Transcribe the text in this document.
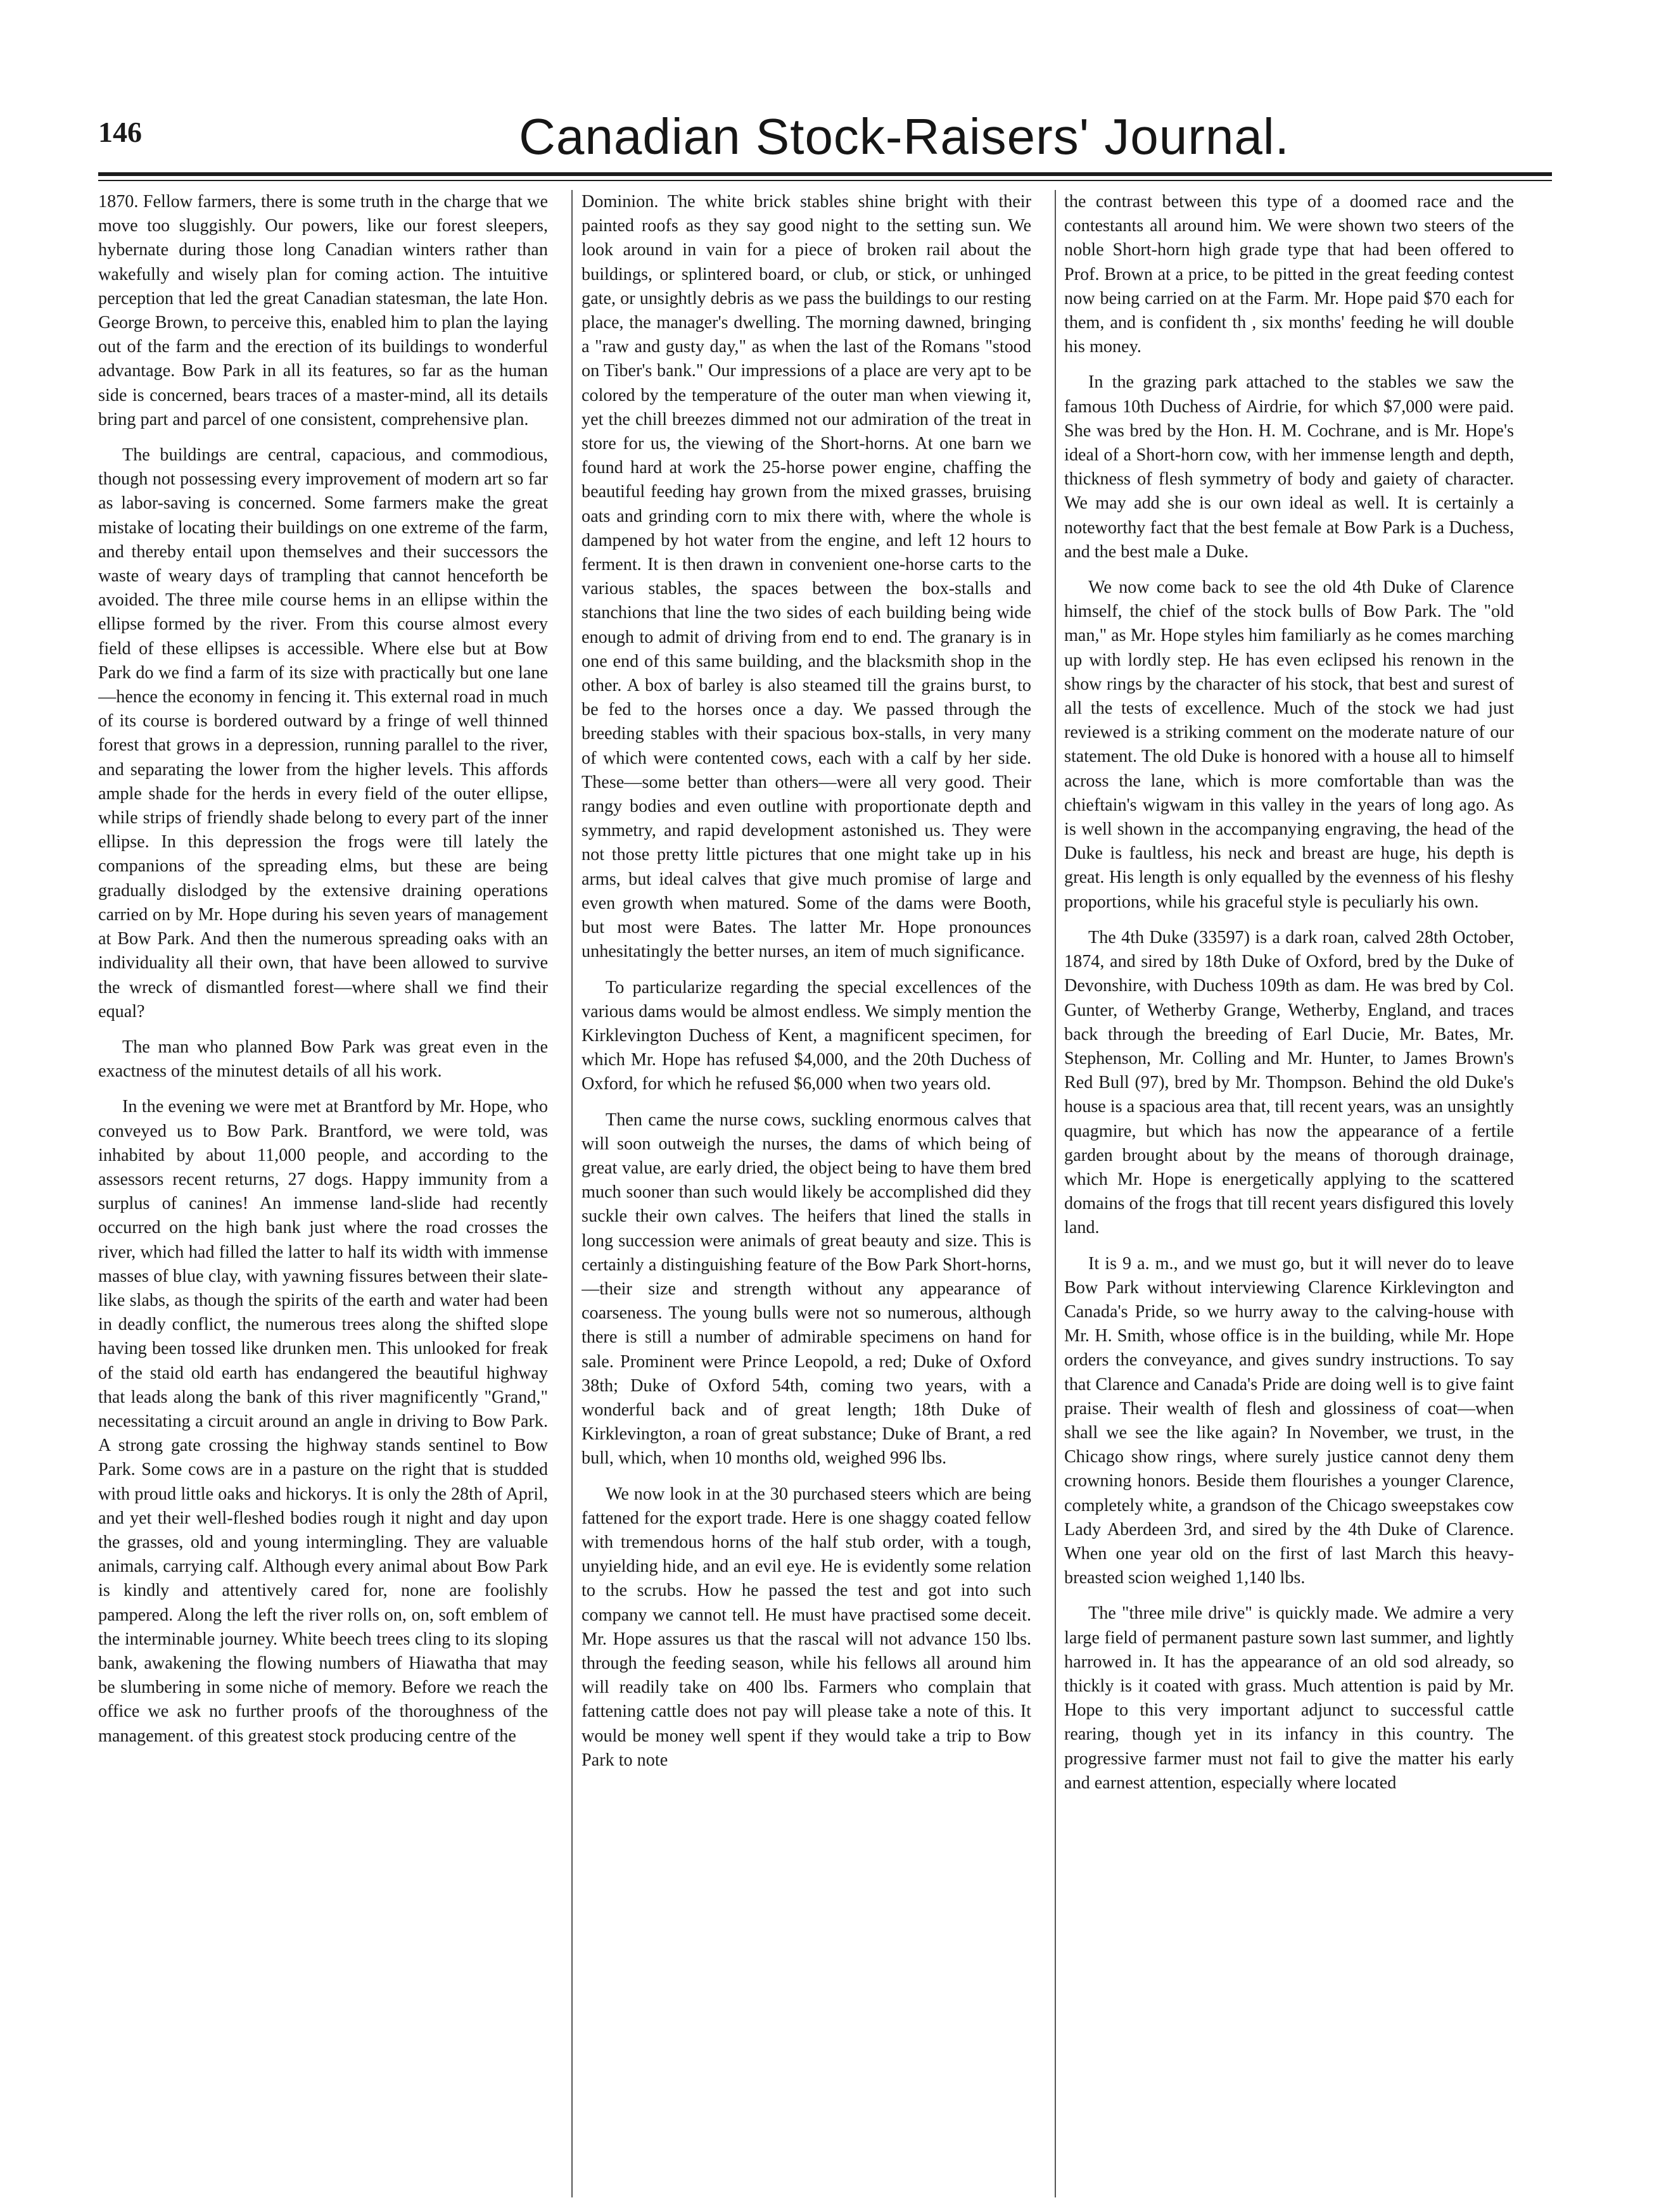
146	Canadian Stock-Raisers' Journal.

1870. Fellow farmers, there is some truth in the charge that we move too sluggishly. Our powers, like our forest sleepers, hybernate during those long Canadian winters rather than wakefully and wisely plan for coming action. The intuitive perception that led the great Canadian statesman, the late Hon. George Brown, to perceive this, enabled him to plan the laying out of the farm and the erection of its buildings to wonderful advantage. Bow Park in all its features, so far as the human side is concerned, bears traces of a master-mind, all its details bring part and parcel of one consistent, comprehensive plan.

The buildings are central, capacious, and commodious, though not possessing every improvement of modern art so far as labor-saving is concerned. Some farmers make the great mistake of locating their buildings on one extreme of the farm, and thereby entail upon themselves and their successors the waste of weary days of trampling that cannot henceforth be avoided. The three mile course hems in an ellipse within the ellipse formed by the river. From this course almost every field of these ellipses is accessible. Where else but at Bow Park do we find a farm of its size with practically but one lane—hence the economy in fencing it. This external road in much of its course is bordered outward by a fringe of well thinned forest that grows in a depression, running parallel to the river, and separating the lower from the higher levels. This affords ample shade for the herds in every field of the outer ellipse, while strips of friendly shade belong to every part of the inner ellipse. In this depression the frogs were till lately the companions of the spreading elms, but these are being gradually dislodged by the extensive draining operations carried on by Mr. Hope during his seven years of management at Bow Park. And then the numerous spreading oaks with an individuality all their own, that have been allowed to survive the wreck of dismantled forest—where shall we find their equal?

The man who planned Bow Park was great even in the exactness of the minutest details of all his work.

In the evening we were met at Brantford by Mr. Hope, who conveyed us to Bow Park. Brantford, we were told, was inhabited by about 11,000 people, and according to the assessors recent returns, 27 dogs. Happy immunity from a surplus of canines! An immense land-slide had recently occurred on the high bank just where the road crosses the river, which had filled the latter to half its width with immense masses of blue clay, with yawning fissures between their slate-like slabs, as though the spirits of the earth and water had been in deadly conflict, the numerous trees along the shifted slope having been tossed like drunken men. This unlooked for freak of the staid old earth has endangered the beautiful highway that leads along the bank of this river magnificently "Grand," necessitating a circuit around an angle in driving to Bow Park. A strong gate crossing the highway stands sentinel to Bow Park. Some cows are in a pasture on the right that is studded with proud little oaks and hickorys. It is only the 28th of April, and yet their well-fleshed bodies rough it night and day upon the grasses, old and young intermingling. They are valuable animals, carrying calf. Although every animal about Bow Park is kindly and attentively cared for, none are foolishly pampered. Along the left the river rolls on, on, soft emblem of the interminable journey. White beech trees cling to its sloping bank, awakening the flowing numbers of Hiawatha that may be slumbering in some niche of memory. Before we reach the office we ask no further proofs of the thoroughness of the management. of this greatest stock producing centre of the

Dominion. The white brick stables shine bright with their painted roofs as they say good night to the setting sun. We look around in vain for a piece of broken rail about the buildings, or splintered board, or club, or stick, or unhinged gate, or unsightly debris as we pass the buildings to our resting place, the manager's dwelling. The morning dawned, bringing a "raw and gusty day," as when the last of the Romans "stood on Tiber's bank." Our impressions of a place are very apt to be colored by the temperature of the outer man when viewing it, yet the chill breezes dimmed not our admiration of the treat in store for us, the viewing of the Short-horns. At one barn we found hard at work the 25-horse power engine, chaffing the beautiful feeding hay grown from the mixed grasses, bruising oats and grinding corn to mix there with, where the whole is dampened by hot water from the engine, and left 12 hours to ferment. It is then drawn in convenient one-horse carts to the various stables, the spaces between the box-stalls and stanchions that line the two sides of each building being wide enough to admit of driving from end to end. The granary is in one end of this same building, and the blacksmith shop in the other. A box of barley is also steamed till the grains burst, to be fed to the horses once a day. We passed through the breeding stables with their spacious box-stalls, in very many of which were contented cows, each with a calf by her side. These—some better than others—were all very good. Their rangy bodies and even outline with proportionate depth and symmetry, and rapid development astonished us. They were not those pretty little pictures that one might take up in his arms, but ideal calves that give much promise of large and even growth when matured. Some of the dams were Booth, but most were Bates. The latter Mr. Hope pronounces unhesitatingly the better nurses, an item of much significance.

To particularize regarding the special excellences of the various dams would be almost endless. We simply mention the Kirklevington Duchess of Kent, a magnificent specimen, for which Mr. Hope has refused $4,000, and the 20th Duchess of Oxford, for which he refused $6,000 when two years old.

Then came the nurse cows, suckling enormous calves that will soon outweigh the nurses, the dams of which being of great value, are early dried, the object being to have them bred much sooner than such would likely be accomplished did they suckle their own calves. The heifers that lined the stalls in long succession were animals of great beauty and size. This is certainly a distinguishing feature of the Bow Park Short-horns, —their size and strength without any appearance of coarseness. The young bulls were not so numerous, although there is still a number of admirable specimens on hand for sale. Prominent were Prince Leopold, a red; Duke of Oxford 38th; Duke of Oxford 54th, coming two years, with a wonderful back and of great length; 18th Duke of Kirklevington, a roan of great substance; Duke of Brant, a red bull, which, when 10 months old, weighed 996 lbs.

We now look in at the 30 purchased steers which are being fattened for the export trade. Here is one shaggy coated fellow with tremendous horns of the half stub order, with a tough, unyielding hide, and an evil eye. He is evidently some relation to the scrubs. How he passed the test and got into such company we cannot tell. He must have practised some deceit. Mr. Hope assures us that the rascal will not advance 150 lbs. through the feeding season, while his fellows all around him will readily take on 400 lbs. Farmers who complain that fattening cattle does not pay will please take a note of this. It would be money well spent if they would take a trip to Bow Park to note

the contrast between this type of a doomed race and the contestants all around him. We were shown two steers of the noble Short-horn high grade type that had been offered to Prof. Brown at a price, to be pitted in the great feeding contest now being carried on at the Farm. Mr. Hope paid $70 each for them, and is confident th , six months' feeding he will double his money.

In the grazing park attached to the stables we saw the famous 10th Duchess of Airdrie, for which $7,000 were paid. She was bred by the Hon. H. M. Cochrane, and is Mr. Hope's ideal of a Short-horn cow, with her immense length and depth, thickness of flesh symmetry of body and gaiety of character. We may add she is our own ideal as well. It is certainly a noteworthy fact that the best female at Bow Park is a Duchess, and the best male a Duke.

We now come back to see the old 4th Duke of Clarence himself, the chief of the stock bulls of Bow Park. The "old man," as Mr. Hope styles him familiarly as he comes marching up with lordly step. He has even eclipsed his renown in the show rings by the character of his stock, that best and surest of all the tests of excellence. Much of the stock we had just reviewed is a striking comment on the moderate nature of our statement. The old Duke is honored with a house all to himself across the lane, which is more comfortable than was the chieftain's wigwam in this valley in the years of long ago. As is well shown in the accompanying engraving, the head of the Duke is faultless, his neck and breast are huge, his depth is great. His length is only equalled by the evenness of his fleshy proportions, while his graceful style is peculiarly his own.

The 4th Duke (33597) is a dark roan, calved 28th October, 1874, and sired by 18th Duke of Oxford, bred by the Duke of Devonshire, with Duchess 109th as dam. He was bred by Col. Gunter, of Wetherby Grange, Wetherby, England, and traces back through the breeding of Earl Ducie, Mr. Bates, Mr. Stephenson, Mr. Colling and Mr. Hunter, to James Brown's Red Bull (97), bred by Mr. Thompson. Behind the old Duke's house is a spacious area that, till recent years, was an unsightly quagmire, but which has now the appearance of a fertile garden brought about by the means of thorough drainage, which Mr. Hope is energetically applying to the scattered domains of the frogs that till recent years disfigured this lovely land.

It is 9 a. m., and we must go, but it will never do to leave Bow Park without interviewing Clarence Kirklevington and Canada's Pride, so we hurry away to the calving-house with Mr. H. Smith, whose office is in the building, while Mr. Hope orders the conveyance, and gives sundry instructions. To say that Clarence and Canada's Pride are doing well is to give faint praise. Their wealth of flesh and glossiness of coat—when shall we see the like again? In November, we trust, in the Chicago show rings, where surely justice cannot deny them crowning honors. Beside them flourishes a younger Clarence, completely white, a grandson of the Chicago sweepstakes cow Lady Aberdeen 3rd, and sired by the 4th Duke of Clarence. When one year old on the first of last March this heavy-breasted scion weighed 1,140 lbs.

The "three mile drive" is quickly made. We admire a very large field of permanent pasture sown last summer, and lightly harrowed in. It has the appearance of an old sod already, so thickly is it coated with grass. Much attention is paid by Mr. Hope to this very important adjunct to successful cattle rearing, though yet in its infancy in this country. The progressive farmer must not fail to give the matter his early and earnest attention, especially where located
